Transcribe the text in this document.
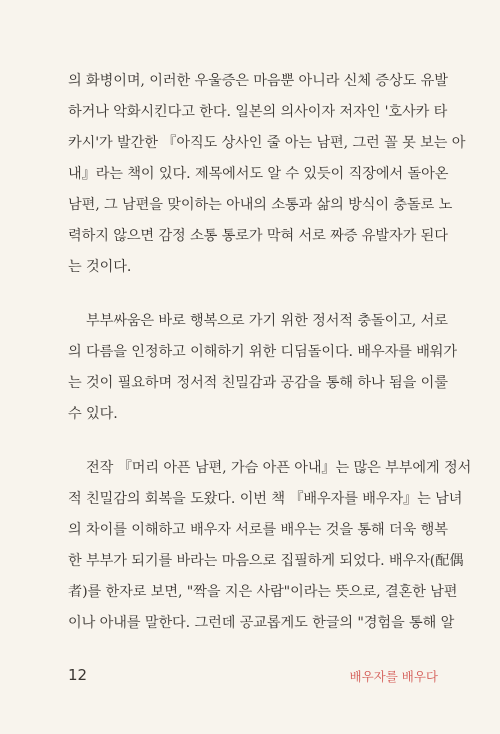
의 화병이며, 이러한 우울증은 마음뿐 아니라 신체 증상도 유발
하거나 악화시킨다고 한다. 일본의 의사이자 저자인 '호사카 타
카시'가 발간한 『아직도 상사인 줄 아는 남편, 그런 꼴 못 보는 아
내』라는 책이 있다. 제목에서도 알 수 있듯이 직장에서 돌아온
남편, 그 남편을 맞이하는 아내의 소통과 삶의 방식이 충돌로 노
력하지 않으면 감정 소통 통로가 막혀 서로 짜증 유발자가 된다
는 것이다.
부부싸움은 바로 행복으로 가기 위한 정서적 충돌이고, 서로
의 다름을 인정하고 이해하기 위한 디딤돌이다. 배우자를 배워가
는 것이 필요하며 정서적 친밀감과 공감을 통해 하나 됨을 이룰
수 있다.
전작 『머리 아픈 남편, 가슴 아픈 아내』는 많은 부부에게 정서
적 친밀감의 회복을 도왔다. 이번 책 『배우자를 배우자』는 남녀
의 차이를 이해하고 배우자 서로를 배우는 것을 통해 더욱 행복
한 부부가 되기를 바라는 마음으로 집필하게 되었다. 배우자(配偶
者)를 한자로 보면, "짝을 지은 사람"이라는 뜻으로, 결혼한 남편
이나 아내를 말한다. 그런데 공교롭게도 한글의 "경험을 통해 알
12	배우자를 배우다
